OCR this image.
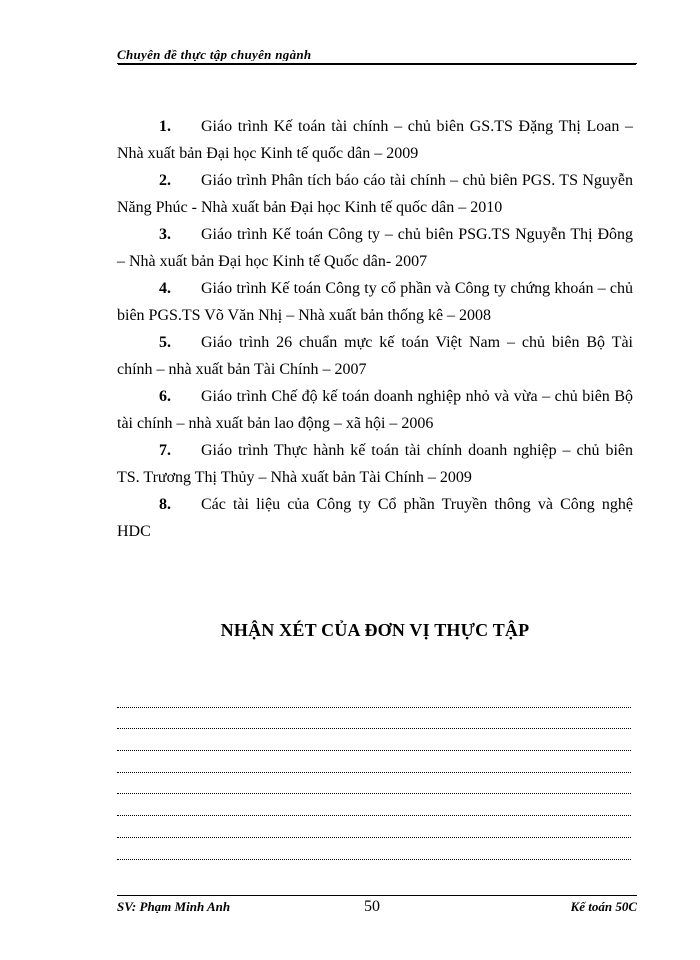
Chuyên đề thực tập chuyên ngành
1. Giáo trình Kế toán tài chính – chủ biên GS.TS Đặng Thị Loan – Nhà xuất bản Đại học Kinh tế quốc dân – 2009
2. Giáo trình Phân tích báo cáo tài chính – chủ biên PGS. TS Nguyễn Năng Phúc - Nhà xuất bản Đại học Kinh tế quốc dân – 2010
3. Giáo trình Kế toán Công ty – chủ biên PSG.TS Nguyễn Thị Đông – Nhà xuất bản Đại học Kinh tế Quốc dân- 2007
4. Giáo trình Kế toán Công ty cổ phần và Công ty chứng khoán – chủ biên PGS.TS Võ Văn Nhị – Nhà xuất bản thống kê – 2008
5. Giáo trình 26 chuẩn mực kế toán Việt Nam – chủ biên Bộ Tài chính – nhà xuất bản Tài Chính – 2007
6. Giáo trình Chế độ kế toán doanh nghiệp nhỏ và vừa – chủ biên Bộ tài chính – nhà xuất bản lao động – xã hội – 2006
7. Giáo trình Thực hành kế toán tài chính doanh nghiệp – chủ biên TS. Trương Thị Thủy – Nhà xuất bản Tài Chính – 2009
8. Các tài liệu của Công ty Cổ phần Truyền thông và Công nghệ HDC
NHẬN XÉT CỦA ĐƠN VỊ THỰC TẬP
SV: Phạm Minh Anh	50	Kế toán 50C
